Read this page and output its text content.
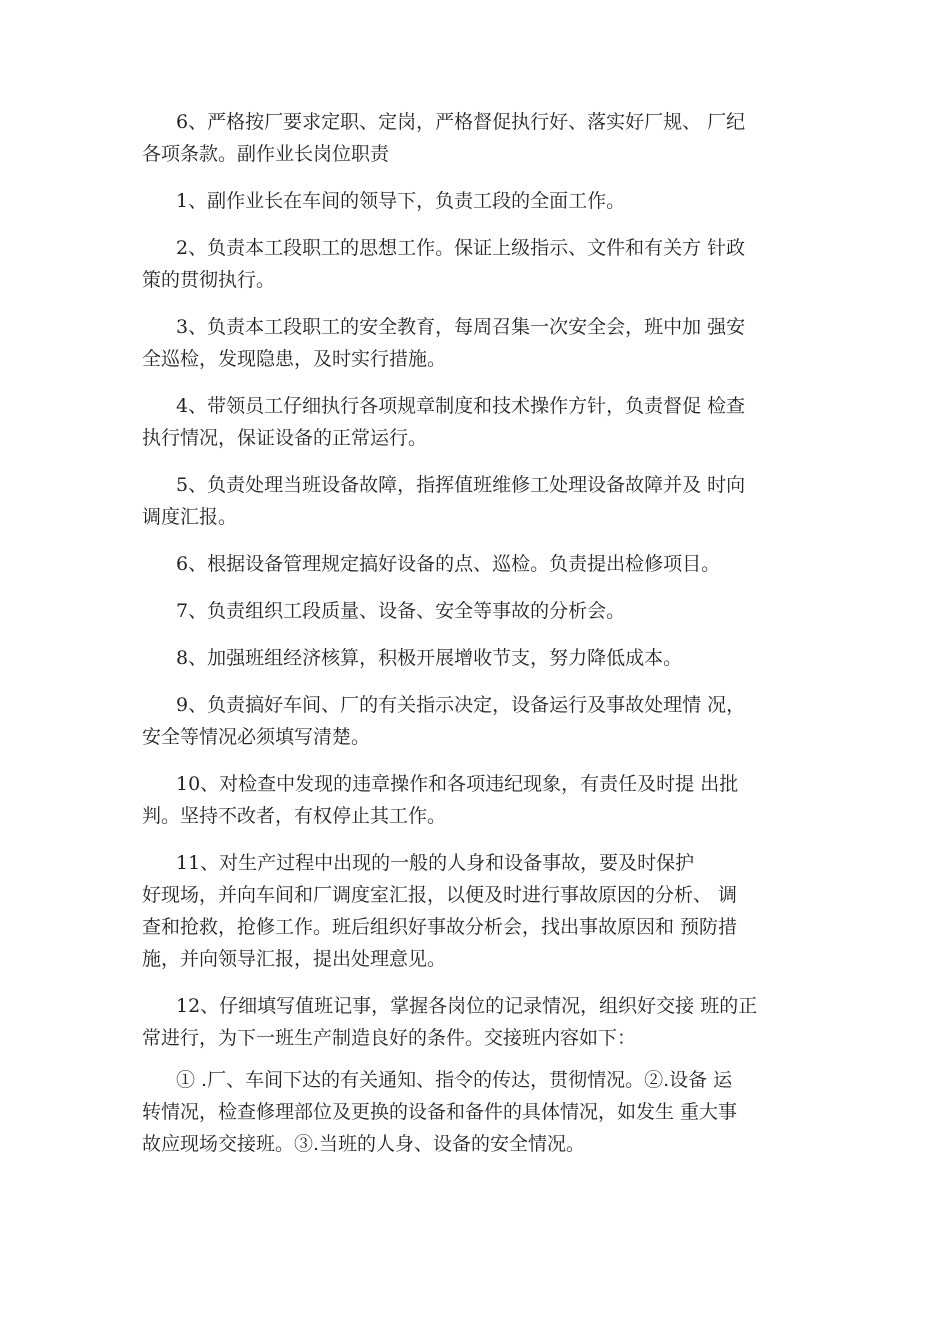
6、严格按厂要求定职、定岗，严格督促执行好、落实好厂规、 厂纪
各项条款。副作业长岗位职责
1、副作业长在车间的领导下，负责工段的全面工作。
2、负责本工段职工的思想工作。保证上级指示、文件和有关方 针政
策的贯彻执行。
3、负责本工段职工的安全教育，每周召集一次安全会，班中加 强安
全巡检，发现隐患，及时实行措施。
4、带领员工仔细执行各项规章制度和技术操作方针，负责督促 检查
执行情况，保证设备的正常运行。
5、负责处理当班设备故障，指挥值班维修工处理设备故障并及 时向
调度汇报。
6、根据设备管理规定搞好设备的点、巡检。负责提出检修项目。
7、负责组织工段质量、设备、安全等事故的分析会。
8、加强班组经济核算，积极开展增收节支，努力降低成本。
9、负责搞好车间、厂的有关指示决定，设备运行及事故处理情 况，
安全等情况必须填写清楚。
10、对检查中发现的违章操作和各项违纪现象，有责任及时提 出批
判。坚持不改者，有权停止其工作。
11、对生产过程中出现的一般的人身和设备事故，要及时保护
好现场，并向车间和厂调度室汇报，以便及时进行事故原因的分析、 调
查和抢救，抢修工作。班后组织好事故分析会，找出事故原因和 预防措
施，并向领导汇报，提出处理意见。
12、仔细填写值班记事，掌握各岗位的记录情况，组织好交接 班的正
常进行，为下一班生产制造良好的条件。交接班内容如下：
① .厂、车间下达的有关通知、指令的传达，贯彻情况。②.设备 运
转情况，检查修理部位及更换的设备和备件的具体情况，如发生 重大事
故应现场交接班。③.当班的人身、设备的安全情况。
